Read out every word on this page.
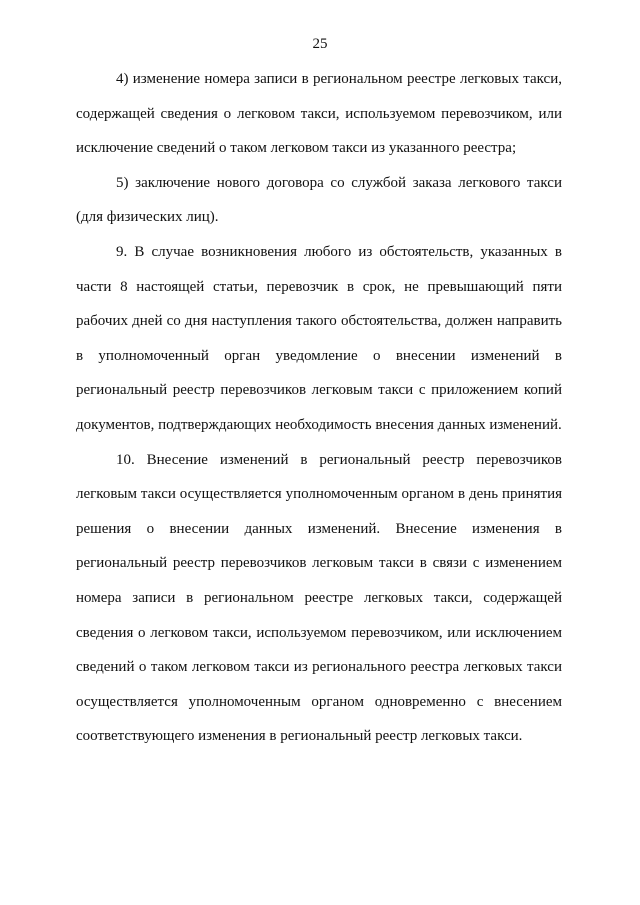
25

4) изменение номера записи в региональном реестре легковых такси, содержащей сведения о легковом такси, используемом перевозчиком, или исключение сведений о таком легковом такси из указанного реестра;

5) заключение нового договора со службой заказа легкового такси (для физических лиц).

9. В случае возникновения любого из обстоятельств, указанных в части 8 настоящей статьи, перевозчик в срок, не превышающий пяти рабочих дней со дня наступления такого обстоятельства, должен направить в уполномоченный орган уведомление о внесении изменений в региональный реестр перевозчиков легковым такси с приложением копий документов, подтверждающих необходимость внесения данных изменений.

10. Внесение изменений в региональный реестр перевозчиков легковым такси осуществляется уполномоченным органом в день принятия решения о внесении данных изменений. Внесение изменения в региональный реестр перевозчиков легковым такси в связи с изменением номера записи в региональном реестре легковых такси, содержащей сведения о легковом такси, используемом перевозчиком, или исключением сведений о таком легковом такси из регионального реестра легковых такси осуществляется уполномоченным органом одновременно с внесением соответствующего изменения в региональный реестр легковых такси.
